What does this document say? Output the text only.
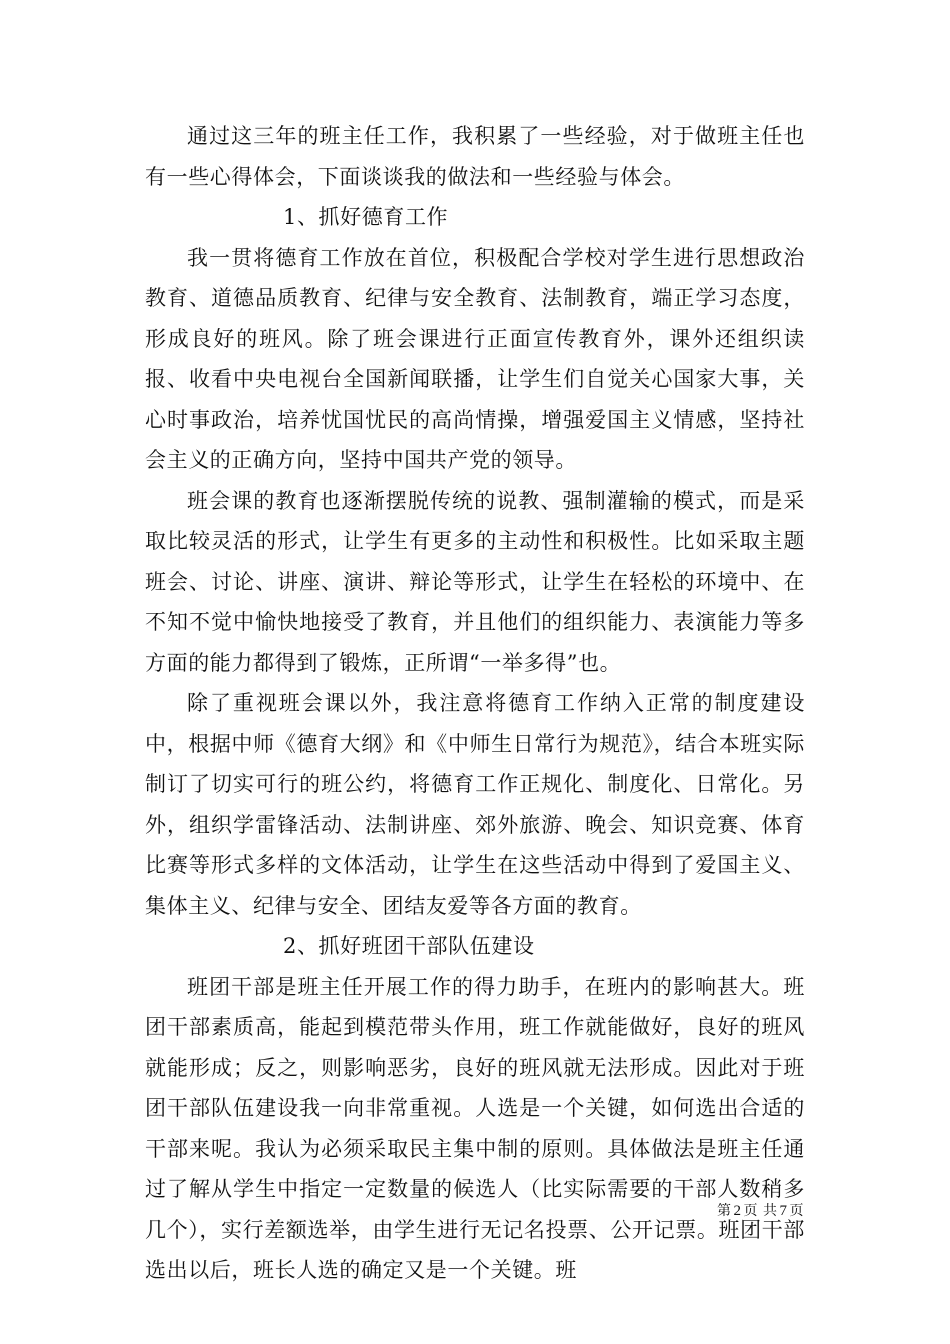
通过这三年的班主任工作，我积累了一些经验，对于做班主任也有一些心得体会，下面谈谈我的做法和一些经验与体会。

1、抓好德育工作

我一贯将德育工作放在首位，积极配合学校对学生进行思想政治教育、道德品质教育、纪律与安全教育、法制教育，端正学习态度，形成良好的班风。除了班会课进行正面宣传教育外，课外还组织读报、收看中央电视台全国新闻联播，让学生们自觉关心国家大事，关心时事政治，培养忧国忧民的高尚情操，增强爱国主义情感，坚持社会主义的正确方向，坚持中国共产党的领导。

班会课的教育也逐渐摆脱传统的说教、强制灌输的模式，而是采取比较灵活的形式，让学生有更多的主动性和积极性。比如采取主题班会、讨论、讲座、演讲、辩论等形式，让学生在轻松的环境中、在不知不觉中愉快地接受了教育，并且他们的组织能力、表演能力等多方面的能力都得到了锻炼，正所谓“一举多得”也。

除了重视班会课以外，我注意将德育工作纳入正常的制度建设中，根据中师《德育大纲》和《中师生日常行为规范》，结合本班实际制订了切实可行的班公约，将德育工作正规化、制度化、日常化。另外，组织学雷锋活动、法制讲座、郊外旅游、晚会、知识竞赛、体育比赛等形式多样的文体活动，让学生在这些活动中得到了爱国主义、集体主义、纪律与安全、团结友爱等各方面的教育。

2、抓好班团干部队伍建设

班团干部是班主任开展工作的得力助手，在班内的影响甚大。班团干部素质高，能起到模范带头作用，班工作就能做好，良好的班风就能形成；反之，则影响恶劣，良好的班风就无法形成。因此对于班团干部队伍建设我一向非常重视。人选是一个关键，如何选出合适的干部来呢。我认为必须采取民主集中制的原则。具体做法是班主任通过了解从学生中指定一定数量的候选人（比实际需要的干部人数稍多几个），实行差额选举，由学生进行无记名投票、公开记票。班团干部选出以后，班长人选的确定又是一个关键。班

第 2 页 共 7 页
